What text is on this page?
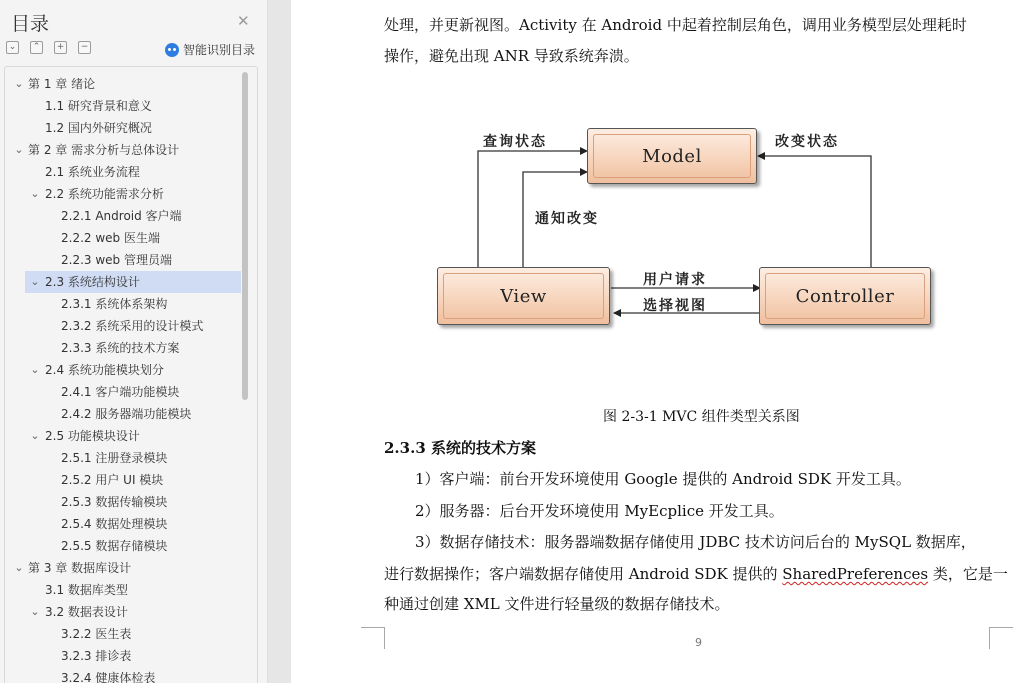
目录	✕
⌄	⌃	+	−	智能识别目录
⌄ 第 1 章 绪论
1.1 研究背景和意义
1.2 国内外研究概况
⌄ 第 2 章 需求分析与总体设计
2.1 系统业务流程
⌄ 2.2 系统功能需求分析
2.2.1 Android 客户端
2.2.2 web 医生端
2.2.3 web 管理员端
⌄ 2.3 系统结构设计
2.3.1 系统体系架构
2.3.2 系统采用的设计模式
2.3.3 系统的技术方案
⌄ 2.4 系统功能模块划分
2.4.1 客户端功能模块
2.4.2 服务器端功能模块
⌄ 2.5 功能模块设计
2.5.1 注册登录模块
2.5.2 用户 UI 模块
2.5.3 数据传输模块
2.5.4 数据处理模块
2.5.5 数据存储模块
⌄ 第 3 章 数据库设计
3.1 数据库类型
⌄ 3.2 数据表设计
3.2.2 医生表
3.2.3 排诊表
3.2.4 健康体检表
处理，并更新视图。Activity 在 Android 中起着控制层角色，调用业务模型层处理耗时
操作，避免出现 ANR 导致系统奔溃。
Model
View	Controller
查询状态	改变状态
通知改变
用户请求
选择视图
图 2-3-1 MVC 组件类型关系图
2.3.3 系统的技术方案
1）客户端：前台开发环境使用 Google 提供的 Android SDK 开发工具。
2）服务器：后台开发环境使用 MyEcplice 开发工具。
3）数据存储技术：服务器端数据存储使用 JDBC 技术访问后台的 MySQL 数据库，
进行数据操作；客户端数据存储使用 Android SDK 提供的 SharedPreferences 类，它是一
种通过创建 XML 文件进行轻量级的数据存储技术。
9
